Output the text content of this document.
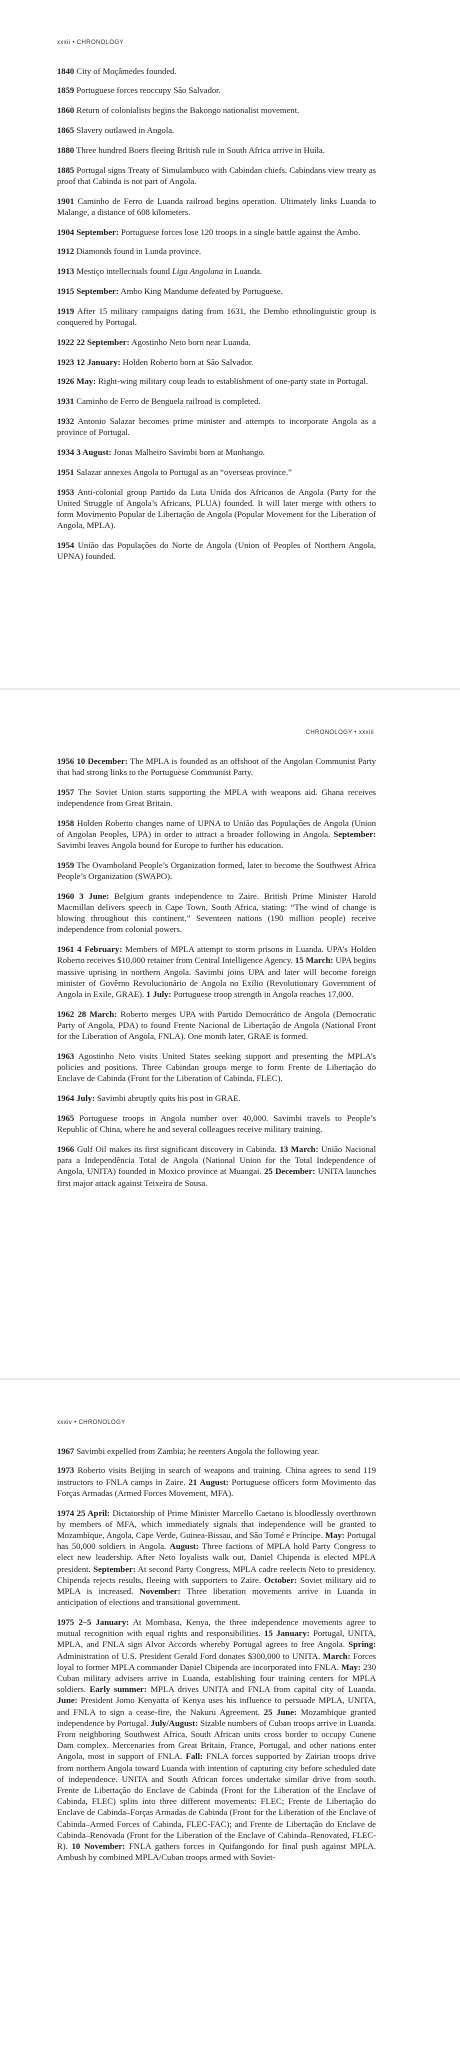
xxxii • CHRONOLOGY

1840 City of Moçâmedes founded.

1859 Portuguese forces reoccupy São Salvador.

1860 Return of colonialists begins the Bakongo nationalist movement.

1865 Slavery outlawed in Angola.

1880 Three hundred Boers fleeing British rule in South Africa arrive in Huíla.

1885 Portugal signs Treaty of Simulambuco with Cabindan chiefs. Cabindans view treaty as proof that Cabinda is not part of Angola.

1901 Caminho de Ferro de Luanda railroad begins operation. Ultimately links Luanda to Malange, a distance of 608 kilometers.

1904 September: Portuguese forces lose 120 troops in a single battle against the Ambo.

1912 Diamonds found in Lunda province.

1913 Mestiço intellectuals found Liga Angolana in Luanda.

1915 September: Ambo King Mandume defeated by Portuguese.

1919 After 15 military campaigns dating from 1631, the Dembo ethnolinguistic group is conquered by Portugal.

1922 22 September: Agostinho Neto born near Luanda.

1923 12 January: Holden Roberto born at São Salvador.

1926 May: Right-wing military coup leads to establishment of one-party state in Portugal.

1931 Caminho de Ferro de Benguela railroad is completed.

1932 Antonio Salazar becomes prime minister and attempts to incorporate Angola as a province of Portugal.

1934 3 August: Jonas Malheiro Savimbi born at Munhango.

1951 Salazar annexes Angola to Portugal as an “overseas province.”

1953 Anti-colonial group Partido da Luta Unida dos Africanos de Angola (Party for the United Struggle of Angola’s Africans, PLUA) founded. It will later merge with others to form Movimento Popular de Libertação de Angola (Popular Movement for the Liberation of Angola, MPLA).

1954 União das Populações do Norte de Angola (Union of Peoples of Northern Angola, UPNA) founded.

CHRONOLOGY • xxxiii

1956 10 December: The MPLA is founded as an offshoot of the Angolan Communist Party that had strong links to the Portuguese Communist Party.

1957 The Soviet Union starts supporting the MPLA with weapons aid. Ghana receives independence from Great Britain.

1958 Holden Roberto changes name of UPNA to União das Populações de Angola (Union of Angolan Peoples, UPA) in order to attract a broader following in Angola. September: Savimbi leaves Angola bound for Europe to further his education.

1959 The Ovamboland People’s Organization formed, later to become the Southwest Africa People’s Organization (SWAPO).

1960 3 June: Belgium grants independence to Zaire. British Prime Minister Harold Macmillan delivers speech in Cape Town, South Africa, stating: “The wind of change is blowing throughout this continent.” Seventeen nations (190 million people) receive independence from colonial powers.

1961 4 February: Members of MPLA attempt to storm prisons in Luanda. UPA’s Holden Roberto receives $10,000 retainer from Central Intelligence Agency. 15 March: UPA begins massive uprising in northern Angola. Savimbi joins UPA and later will become foreign minister of Govêrno Revolucionário de Angola no Exílio (Revolutionary Government of Angola in Exile, GRAE). 1 July: Portuguese troop strength in Angola reaches 17,000.

1962 28 March: Roberto merges UPA with Partido Democrático de Angola (Democratic Party of Angola, PDA) to found Frente Nacional de Libertação de Angola (National Front for the Liberation of Angola, FNLA). One month later, GRAE is formed.

1963 Agostinho Neto visits United States seeking support and presenting the MPLA’s policies and positions. Three Cabindan groups merge to form Frente de Libertação do Enclave de Cabinda (Front for the Liberation of Cabinda, FLEC).

1964 July: Savimbi abruptly quits his post in GRAE.

1965 Portuguese troops in Angola number over 40,000. Savimbi travels to People’s Republic of China, where he and several colleagues receive military training.

1966 Gulf Oil makes its first significant discovery in Cabinda. 13 March: União Nacional para a Independência Total de Angola (National Union for the Total Independence of Angola, UNITA) founded in Moxico province at Muangai. 25 December: UNITA launches first major attack against Teixeira de Sousa.

xxxiv • CHRONOLOGY

1967 Savimbi expelled from Zambia; he reenters Angola the following year.

1973 Roberto visits Beijing in search of weapons and training. China agrees to send 119 instructors to FNLA camps in Zaire. 21 August: Portuguese officers form Movimento das Forças Armadas (Armed Forces Movement, MFA).

1974 25 April: Dictatorship of Prime Minister Marcello Caetano is bloodlessly overthrown by members of MFA, which immediately signals that independence will be granted to Mozambique, Angola, Cape Verde, Guinea-Bissau, and São Tomé e Príncipe. May: Portugal has 50,000 soldiers in Angola. August: Three factions of MPLA hold Party Congress to elect new leadership. After Neto loyalists walk out, Daniel Chipenda is elected MPLA president. September: At second Party Congress, MPLA cadre reelects Neto to presidency. Chipenda rejects results, fleeing with supporters to Zaire. October: Soviet military aid to MPLA is increased. November: Three liberation movements arrive in Luanda in anticipation of elections and transitional government.

1975 2–5 January: At Mombasa, Kenya, the three independence movements agree to mutual recognition with equal rights and responsibilities. 15 January: Portugal, UNITA, MPLA, and FNLA sign Alvor Accords whereby Portugal agrees to free Angola. Spring: Administration of U.S. President Gerald Ford donates $300,000 to UNITA. March: Forces loyal to former MPLA commander Daniel Chipenda are incorporated into FNLA. May: 230 Cuban military advisers arrive in Luanda, establishing four training centers for MPLA soldiers. Early summer: MPLA drives UNITA and FNLA from capital city of Luanda. June: President Jomo Kenyatta of Kenya uses his influence to persuade MPLA, UNITA, and FNLA to sign a cease-fire, the Nakuru Agreement. 25 June: Mozambique granted independence by Portugal. July/August: Sizable numbers of Cuban troops arrive in Luanda. From neighboring Southwest Africa, South African units cross border to occupy Cunene Dam complex. Mercenaries from Great Britain, France, Portugal, and other nations enter Angola, most in support of FNLA. Fall: FNLA forces supported by Zairian troops drive from northern Angola toward Luanda with intention of capturing city before scheduled date of independence. UNITA and South African forces undertake similar drive from south. Frente de Libertação do Enclave de Cabinda (Front for the Liberation of the Enclave of Cabinda, FLEC) splits into three different movements: FLEC; Frente de Libertação do Enclave de Cabinda–Forças Armadas de Cabinda (Front for the Liberation of the Enclave of Cabinda–Armed Forces of Cabinda, FLEC-FAC); and Frente de Libertação do Enclave de Cabinda–Renovada (Front for the Liberation of the Enclave of Cabinda–Renovated, FLEC-R). 10 November: FNLA gathers forces in Quifangondo for final push against MPLA. Ambush by combined MPLA/Cuban troops armed with Soviet-
